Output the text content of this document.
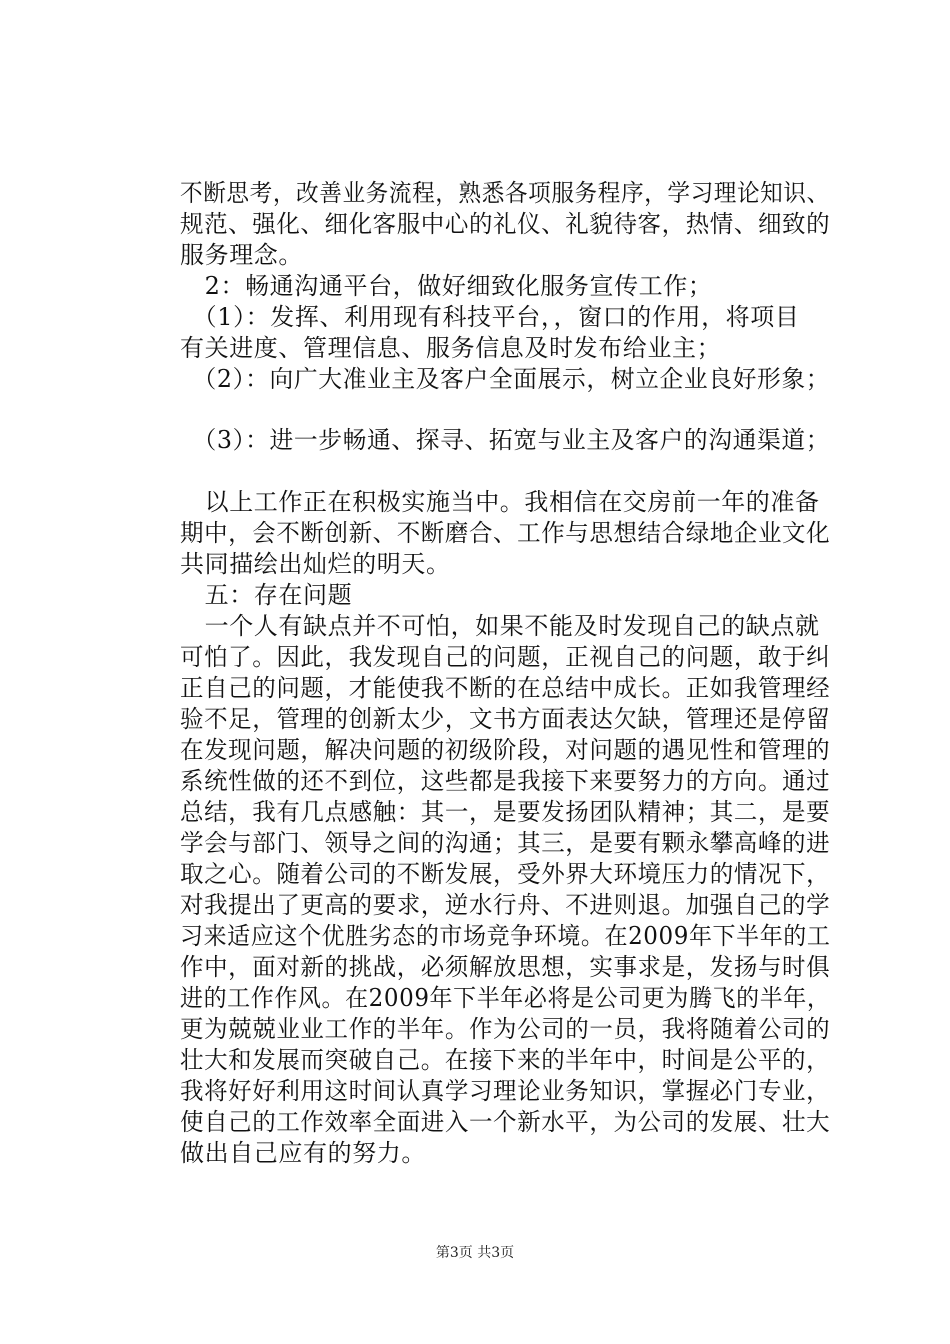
不断思考，改善业务流程，熟悉各项服务程序，学习理论知识、
规范、强化、细化客服中心的礼仪、礼貌待客，热情、细致的
服务理念。
　2：畅通沟通平台，做好细致化服务宣传工作；
　（1）：发挥、利用现有科技平台，，窗口的作用，将项目
有关进度、管理信息、服务信息及时发布给业主；
　（2）：向广大准业主及客户全面展示，树立企业良好形象；
　（3）：进一步畅通、探寻、拓宽与业主及客户的沟通渠道；
　以上工作正在积极实施当中。我相信在交房前一年的准备
期中，会不断创新、不断磨合、工作与思想结合绿地企业文化
共同描绘出灿烂的明天。
　五：存在问题
　一个人有缺点并不可怕，如果不能及时发现自己的缺点就
可怕了。因此，我发现自己的问题，正视自己的问题，敢于纠
正自己的问题，才能使我不断的在总结中成长。正如我管理经
验不足，管理的创新太少，文书方面表达欠缺，管理还是停留
在发现问题，解决问题的初级阶段，对问题的遇见性和管理的
系统性做的还不到位，这些都是我接下来要努力的方向。通过
总结，我有几点感触：其一，是要发扬团队精神；其二，是要
学会与部门、领导之间的沟通；其三，是要有颗永攀高峰的进
取之心。随着公司的不断发展，受外界大环境压力的情况下，
对我提出了更高的要求，逆水行舟、不进则退。加强自己的学
习来适应这个优胜劣态的市场竞争环境。在2009年下半年的工
作中，面对新的挑战，必须解放思想，实事求是，发扬与时俱
进的工作作风。在2009年下半年必将是公司更为腾飞的半年，
更为兢兢业业工作的半年。作为公司的一员，我将随着公司的
壮大和发展而突破自己。在接下来的半年中，时间是公平的，
我将好好利用这时间认真学习理论业务知识，掌握必门专业，
使自己的工作效率全面进入一个新水平，为公司的发展、壮大
做出自己应有的努力。
第3页 共3页
